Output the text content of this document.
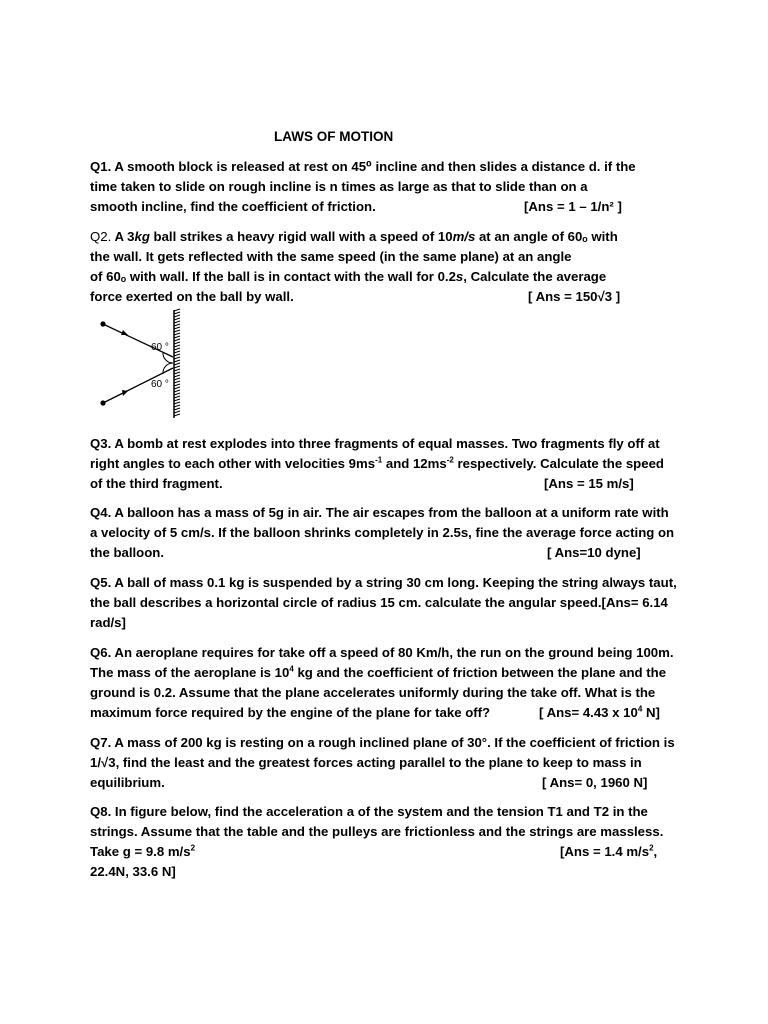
LAWS OF MOTION
Q1. A smooth block is released at rest on 45⁰ incline and then slides a distance d. if the
time taken to slide on rough incline is n times as large as that to slide than on a
smooth incline, find the coefficient of friction.	[Ans = 1 – 1/n² ]
Q2. A 3kg ball strikes a heavy rigid wall with a speed of 10m/s at an angle of 60ₒ with
the wall. It gets reflected with the same speed (in the same plane) at an angle
of 60ₒ with wall. If the ball is in contact with the wall for 0.2s, Calculate the average
force exerted on the ball by wall.	[ Ans = 150√3 ]
60 °
60 °
Q3. A bomb at rest explodes into three fragments of equal masses. Two fragments fly off at
right angles to each other with velocities $9ms^{-1}$ and $12ms^{-2}$ respectively. Calculate the speed
of the third fragment.	[Ans = 15 m/s]
Q4. A balloon has a mass of 5g in air. The air escapes from the balloon at a uniform rate with
a velocity of 5 cm/s. If the balloon shrinks completely in 2.5s, fine the average force acting on
the balloon.	[ Ans=10 dyne]
Q5. A ball of mass 0.1 kg is suspended by a string 30 cm long. Keeping the string always taut,
the ball describes a horizontal circle of radius 15 cm. calculate the angular speed.[Ans= 6.14
rad/s]
Q6. An aeroplane requires for take off a speed of 80 Km/h, the run on the ground being 100m.
The mass of the aeroplane is $10^4$ kg and the coefficient of friction between the plane and the
ground is 0.2. Assume that the plane accelerates uniformly during the take off. What is the
maximum force required by the engine of the plane for take off?	[ Ans= 4.43 x $10^4$ N]
Q7. A mass of 200 kg is resting on a rough inclined plane of 30°. If the coefficient of friction is
1/√3, find the least and the greatest forces acting parallel to the plane to keep to mass in
equilibrium.	[ Ans= 0, 1960 N]
Q8. In figure below, find the acceleration a of the system and the tension T1 and T2 in the
strings. Assume that the table and the pulleys are frictionless and the strings are massless.
Take g = 9.8 $m/s^2$	[Ans = 1.4 $m/s^2$,
22.4N, 33.6 N]
